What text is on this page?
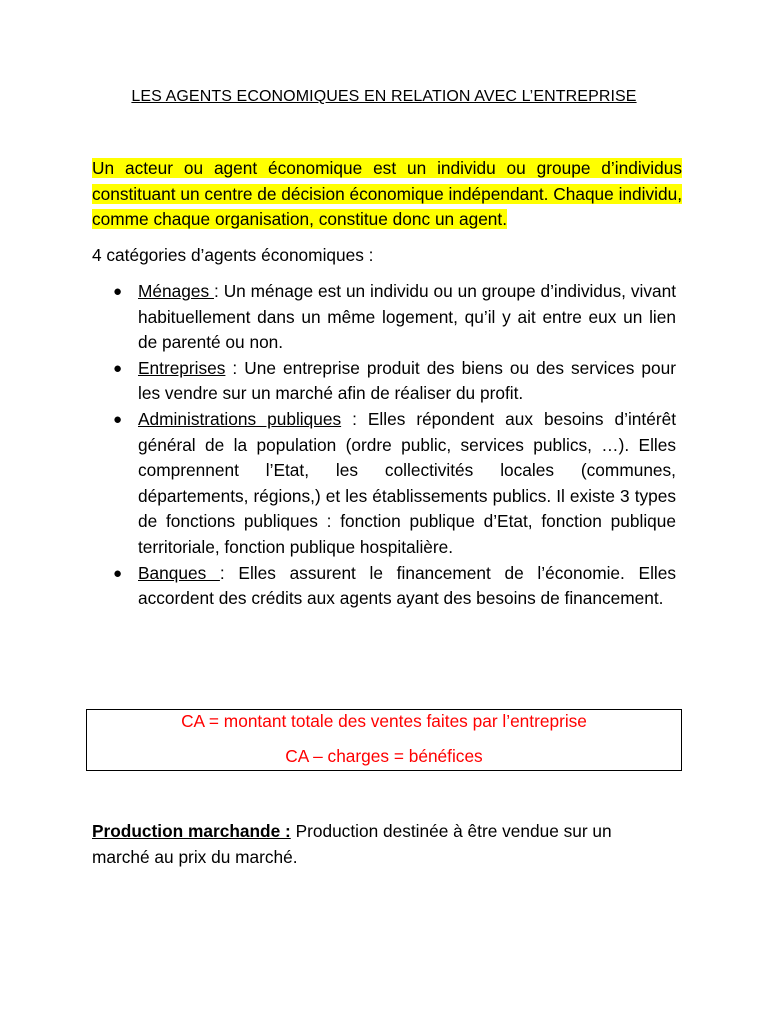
LES AGENTS ECONOMIQUES EN RELATION AVEC L’ENTREPRISE
Un acteur ou agent économique est un individu ou groupe d’individus constituant un centre de décision économique indépendant. Chaque individu, comme chaque organisation, constitue donc un agent.
4 catégories d’agents économiques :
● Ménages : Un ménage est un individu ou un groupe d’individus, vivant habituellement dans un même logement, qu’il y ait entre eux un lien de parenté ou non.
● Entreprises : Une entreprise produit des biens ou des services pour les vendre sur un marché afin de réaliser du profit.
● Administrations publiques : Elles répondent aux besoins d’intérêt général de la population (ordre public, services publics, …). Elles comprennent l’Etat, les collectivités locales (communes, départements, régions,) et les établissements publics. Il existe 3 types de fonctions publiques : fonction publique d’Etat, fonction publique territoriale, fonction publique hospitalière.
● Banques : Elles assurent le financement de l’économie. Elles accordent des crédits aux agents ayant des besoins de financement.
CA = montant totale des ventes faites par l’entreprise
CA – charges = bénéfices
Production marchande : Production destinée à être vendue sur un marché au prix du marché.
